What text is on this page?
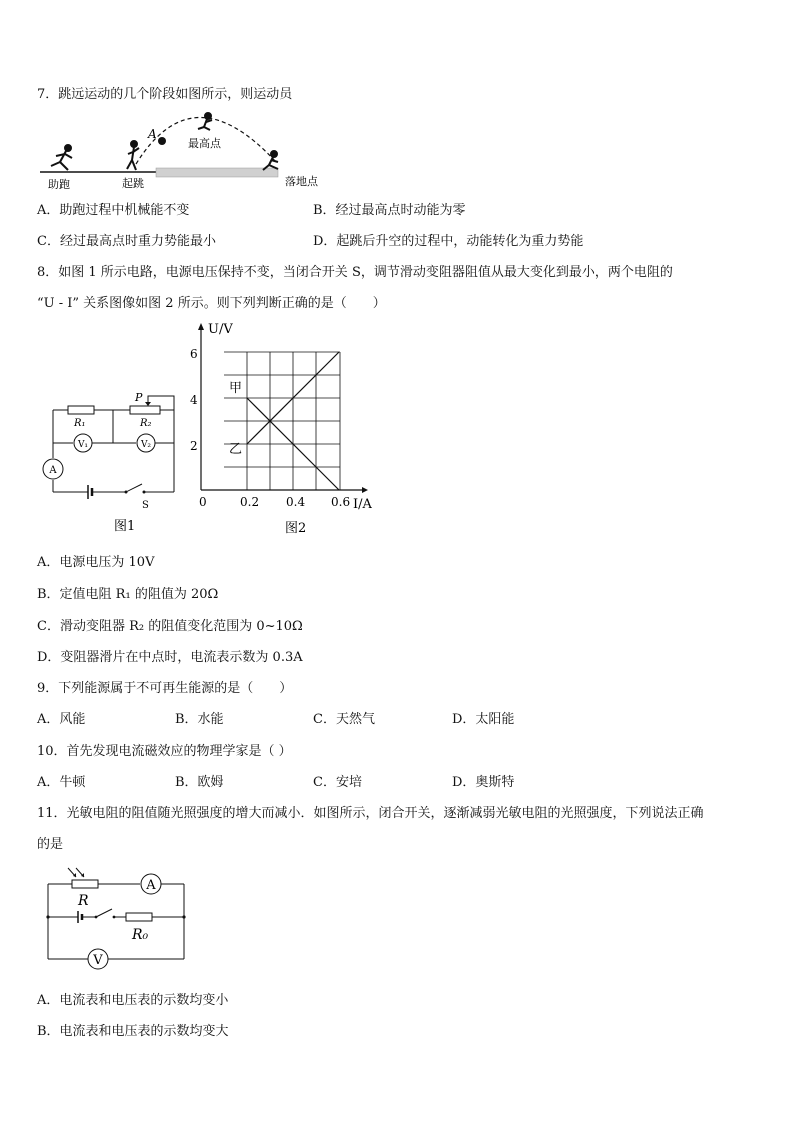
7．跳远运动的几个阶段如图所示，则运动员
A
最高点
助跑	起跳	落地点
A．助跑过程中机械能不变	B．经过最高点时动能为零
C．经过最高点时重力势能最小	D．起跳后升空的过程中，动能转化为重力势能
8．如图 1 所示电路，电源电压保持不变，当闭合开关 S，调节滑动变阻器阻值从最大变化到最小，两个电阻的
“U - I” 关系图像如图 2 所示。则下列判断正确的是（　　）
P
R₁	R₂
V₁	V₂
A
S
图1
U/V
I/A
6
4
2
0	0.2 0.4 0.6
甲
乙
图2
A．电源电压为 10V
B．定值电阻 R₁ 的阻值为 20Ω
C．滑动变阻器 R₂ 的阻值变化范围为 0~10Ω
D．变阻器滑片在中点时，电流表示数为 0.3A
9．下列能源属于不可再生能源的是（　　）
A．风能	B．水能	C．天然气	D．太阳能
10．首先发现电流磁效应的物理学家是（ ）
A．牛顿	B．欧姆	C．安培	D．奥斯特
11．光敏电阻的阻值随光照强度的增大而减小．如图所示，闭合开关，逐渐减弱光敏电阻的光照强度，下列说法正确
的是
R
R₀
A
V
A．电流表和电压表的示数均变小
B．电流表和电压表的示数均变大
